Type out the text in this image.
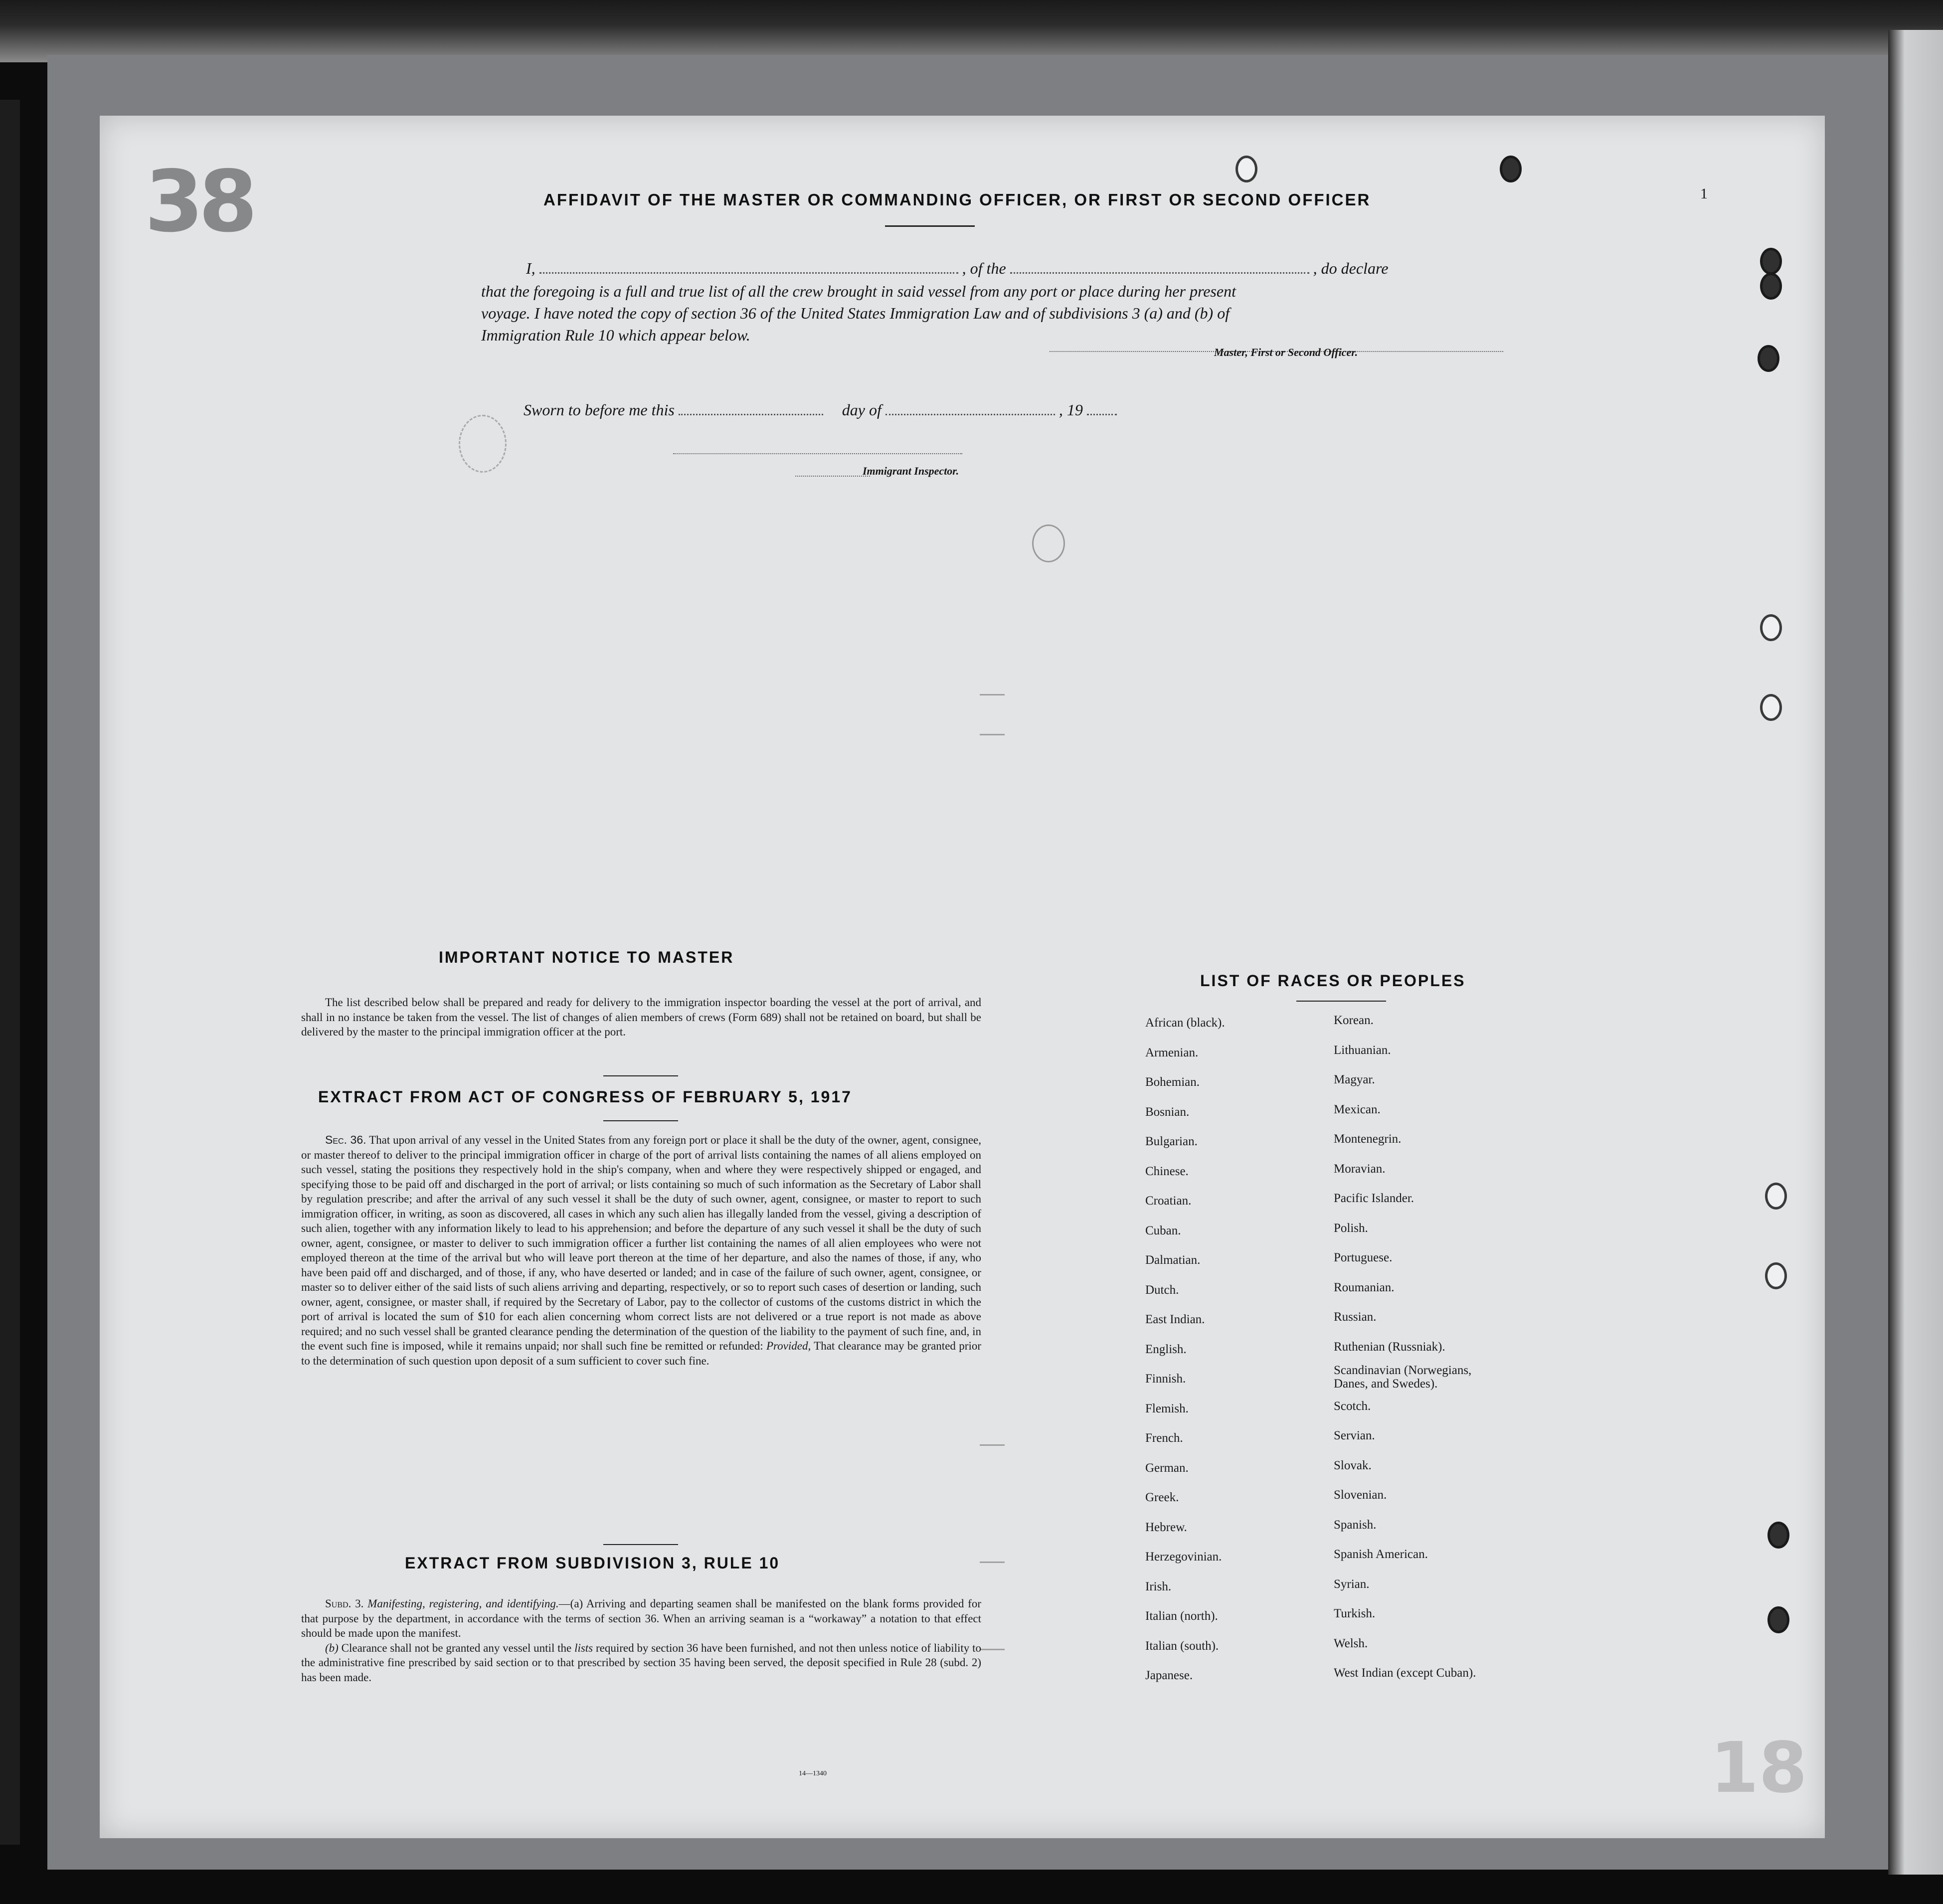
38
18
1
AFFIDAVIT OF THE MASTER OR COMMANDING OFFICER, OR FIRST OR SECOND OFFICER
I,	, of the	, do declare
that the foregoing is a full and true list of all the crew brought in said vessel from any port or place during her present
voyage. I have noted the copy of section 36 of the United States Immigration Law and of subdivisions 3 (a) and (b) of
Immigration Rule 10 which appear below.
Master, First or Second Officer.
Sworn to before me this	day of	, 19
Immigrant Inspector.
IMPORTANT NOTICE TO MASTER

The list described below shall be prepared and ready for delivery to the immigration inspector boarding the vessel at the port of arrival, and shall in no instance be taken from the vessel. The list of changes of alien members of crews (Form 689) shall not be retained on board, but shall be delivered by the master to the principal immigration officer at the port.

EXTRACT FROM ACT OF CONGRESS OF FEBRUARY 5, 1917

Sec. 36. That upon arrival of any vessel in the United States from any foreign port or place it shall be the duty of the owner, agent, consignee, or master thereof to deliver to the principal immigration officer in charge of the port of arrival lists containing the names of all aliens employed on such vessel, stating the positions they respectively hold in the ship's company, when and where they were respectively shipped or engaged, and specifying those to be paid off and discharged in the port of arrival; or lists containing so much of such information as the Secretary of Labor shall by regulation prescribe; and after the arrival of any such vessel it shall be the duty of such owner, agent, consignee, or master to report to such immigration officer, in writing, as soon as discovered, all cases in which any such alien has illegally landed from the vessel, giving a description of such alien, together with any information likely to lead to his apprehension; and before the departure of any such vessel it shall be the duty of such owner, agent, consignee, or master to deliver to such immigration officer a further list containing the names of all alien employees who were not employed thereon at the time of the arrival but who will leave port thereon at the time of her departure, and also the names of those, if any, who have been paid off and discharged, and of those, if any, who have deserted or landed; and in case of the failure of such owner, agent, consignee, or master so to deliver either of the said lists of such aliens arriving and departing, respectively, or so to report such cases of desertion or landing, such owner, agent, consignee, or master shall, if required by the Secretary of Labor, pay to the collector of customs of the customs district in which the port of arrival is located the sum of $10 for each alien concerning whom correct lists are not delivered or a true report is not made as above required; and no such vessel shall be granted clearance pending the determination of the question of the liability to the payment of such fine, and, in the event such fine is imposed, while it remains unpaid; nor shall such fine be remitted or refunded: Provided, That clearance may be granted prior to the determination of such question upon deposit of a sum sufficient to cover such fine.

EXTRACT FROM SUBDIVISION 3, RULE 10

Subd. 3. Manifesting, registering, and identifying.—(a) Arriving and departing seamen shall be manifested on the blank forms provided for that purpose by the department, in accordance with the terms of section 36. When an arriving seaman is a “workaway” a notation to that effect should be made upon the manifest.

(b) Clearance shall not be granted any vessel until the lists required by section 36 have been furnished, and not then unless notice of liability to the administrative fine prescribed by said section or to that prescribed by section 35 having been served, the deposit specified in Rule 28 (subd. 2) has been made.

14—1340
LIST OF RACES OR PEOPLES
African (black).
Armenian.
Bohemian.
Bosnian.
Bulgarian.
Chinese.
Croatian.
Cuban.
Dalmatian.
Dutch.
East Indian.
English.
Finnish.
Flemish.
French.
German.
Greek.
Hebrew.
Herzegovinian.
Irish.
Italian (north).
Italian (south).
Japanese.
Korean.
Lithuanian.
Magyar.
Mexican.
Montenegrin.
Moravian.
Pacific Islander.
Polish.
Portuguese.
Roumanian.
Russian.
Ruthenian (Russniak).
Scandinavian (Norwegians,
Danes, and Swedes).
Scotch.
Servian.
Slovak.
Slovenian.
Spanish.
Spanish American.
Syrian.
Turkish.
Welsh.
West Indian (except Cuban).
